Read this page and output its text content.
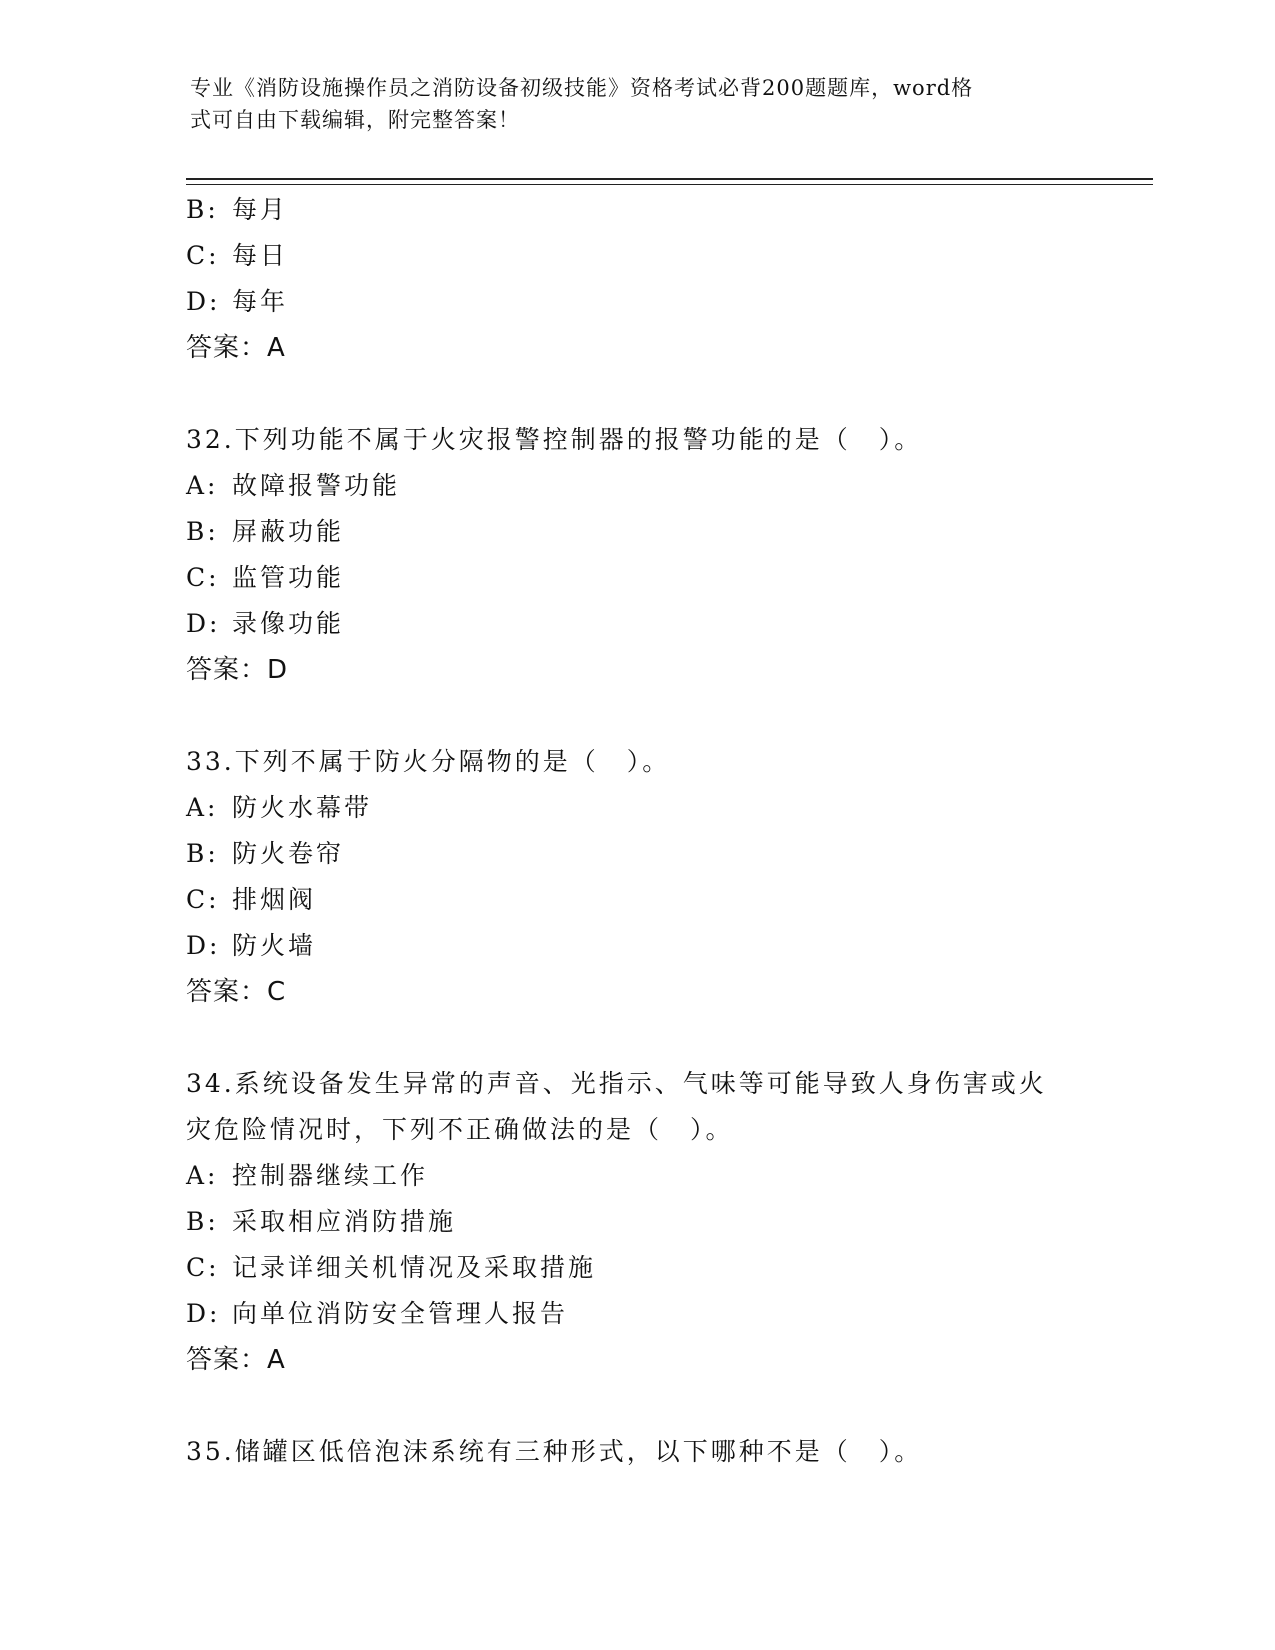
专业《消防设施操作员之消防设备初级技能》资格考试必背200题题库，word格
式可自由下载编辑，附完整答案！
B: 每月
C: 每日
D: 每年
答案：A
32.下列功能不属于火灾报警控制器的报警功能的是（　）。
A: 故障报警功能
B: 屏蔽功能
C: 监管功能
D: 录像功能
答案：D
33.下列不属于防火分隔物的是（　）。
A: 防火水幕带
B: 防火卷帘
C: 排烟阀
D: 防火墙
答案：C
34.系统设备发生异常的声音、光指示、气味等可能导致人身伤害或火
灾危险情况时，下列不正确做法的是（　）。
A: 控制器继续工作
B: 采取相应消防措施
C: 记录详细关机情况及采取措施
D: 向单位消防安全管理人报告
答案：A
35.储罐区低倍泡沫系统有三种形式，以下哪种不是（　）。
